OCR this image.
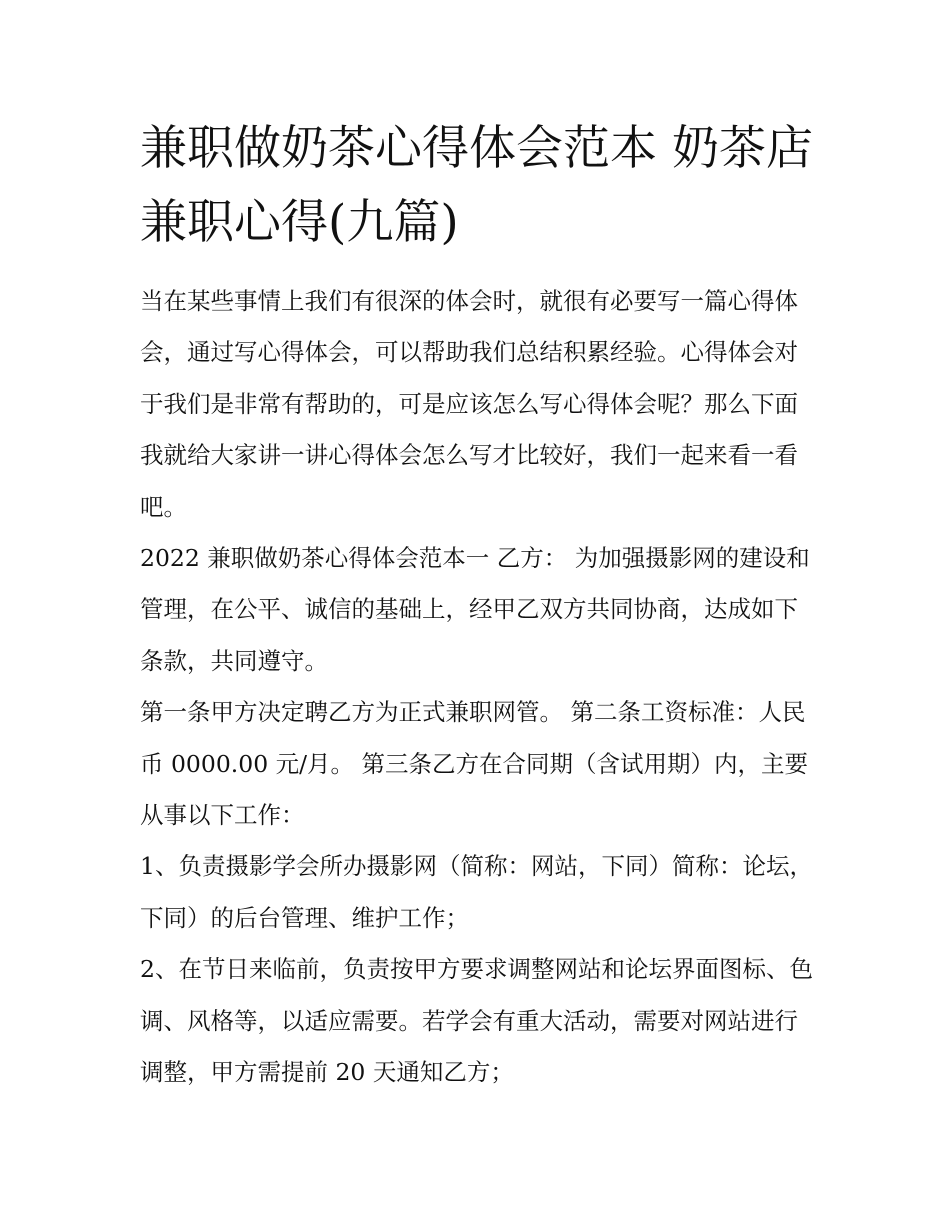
兼职做奶茶心得体会范本 奶茶店兼职心得(九篇)

当在某些事情上我们有很深的体会时，就很有必要写一篇心得体会，通过写心得体会，可以帮助我们总结积累经验。心得体会对于我们是非常有帮助的，可是应该怎么写心得体会呢？那么下面我就给大家讲一讲心得体会怎么写才比较好，我们一起来看一看吧。

2022 兼职做奶茶心得体会范本一 乙方： 为加强摄影网的建设和管理，在公平、诚信的基础上，经甲乙双方共同协商，达成如下条款，共同遵守。

第一条甲方决定聘乙方为正式兼职网管。 第二条工资标准：人民币 0000.00 元/月。 第三条乙方在合同期（含试用期）内，主要从事以下工作：

1、负责摄影学会所办摄影网（简称：网站，下同）简称：论坛，下同）的后台管理、维护工作；

2、在节日来临前，负责按甲方要求调整网站和论坛界面图标、色调、风格等，以适应需要。若学会有重大活动，需要对网站进行调整，甲方需提前 20 天通知乙方；
